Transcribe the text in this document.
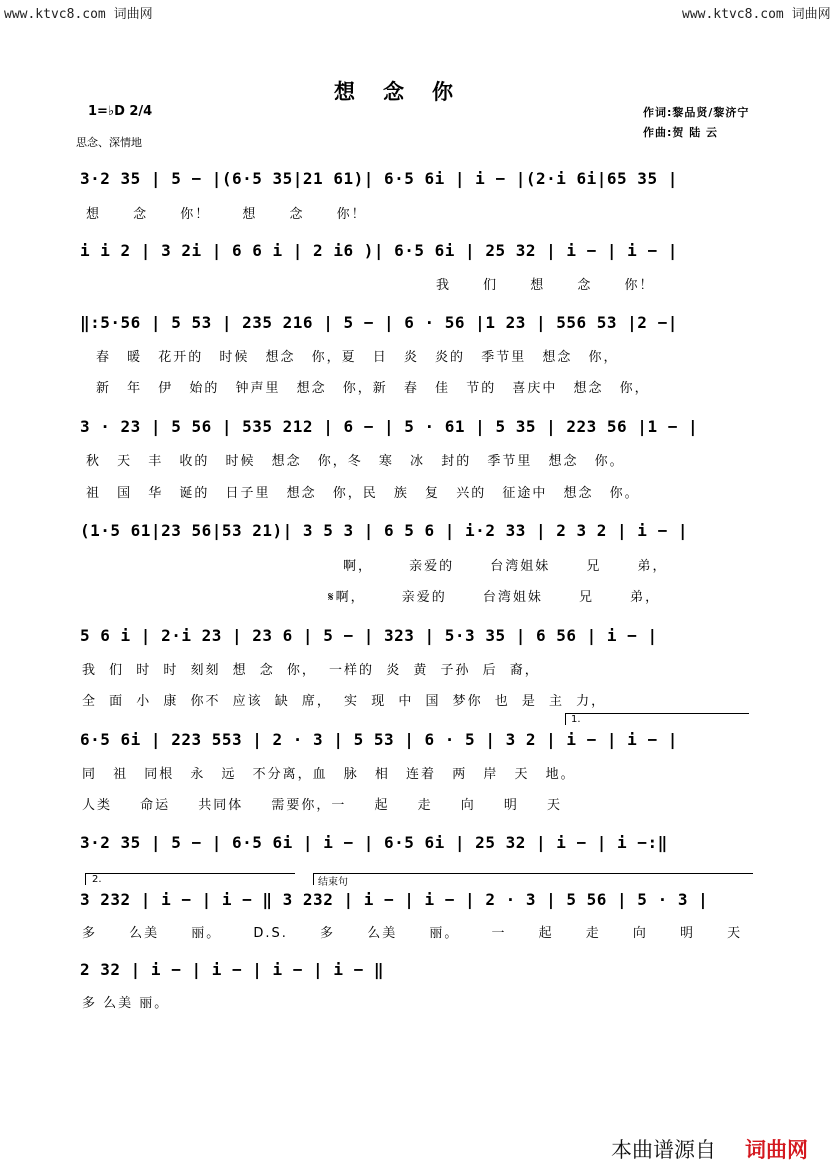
www.ktvc8.com 词曲网	www.ktvc8.com 词曲网
想念你
1=♭D 2/4
思念、深情地
作词:黎品贤/黎济宁
作曲:贺 陆 云
3·2 35 | 5 − |(6·5 35|21 61)| 6·5 6i | i − |(2·i 6i|65 35 |
想 念 你！ 想 念 你！
i i 2 | 3 2i | 6 6 i | 2 i6 )| 6·5 6i | 25 32 | i − | i − |
我 们 想 念 你！
‖:5·56 | 5 53 | 235 216 | 5 − | 6 · 56 |1 23 | 556 53 |2 −|
春 暖 花开的 时候 想念 你，夏 日 炎 炎的 季节里 想念 你，
新 年 伊 始的 钟声里 想念 你，新 春 佳 节的 喜庆中 想念 你，
3 · 23 | 5 56 | 535 212 | 6 − | 5 · 61 | 5 35 | 223 56 |1 − |
秋 天 丰 收的 时候 想念 你，冬 寒 冰 封的 季节里 想念 你。
祖 国 华 诞的 日子里 想念 你，民 族 复 兴的 征途中 想念 你。
(1·5 61|23 56|53 21)| 3 5 3 | 6 5 6 | i·2 33 | 2 3 2 | i − |
啊， 亲爱的 台湾姐妹 兄 弟，
𝄋啊， 亲爱的 台湾姐妹 兄 弟，
5 6 i | 2·i 23 | 23 6 | 5 − | 323 | 5·3 35 | 6 56 | i − |
我 们 时 时 刻刻 想 念 你， 一样的 炎 黄 子孙 后 裔，
全 面 小 康 你不 应该 缺 席， 实 现 中 国 梦你 也 是 主 力，
1.
6·5 6i | 223 553 | 2 · 3 | 5 53 | 6 · 5 | 3 2 | i − | i − |
同 祖 同根 永 远 不分离，血 脉 相 连着 两 岸 天 地。
人类 命运 共同体 需要你，一 起 走 向 明 天
3·2 35 | 5 − | 6·5 6i | i − | 6·5 6i | 25 32 | i − | i −:‖
2.	结束句
3 232 | i − | i − ‖ 3 232 | i − | i − | 2 · 3 | 5 56 | 5 · 3 |
多 么美 丽。 D.S. 多 么美 丽。 一 起 走 向 明 天
2 32 | i − | i − | i − | i − ‖
多 么美 丽。
本曲谱源自 词曲网
